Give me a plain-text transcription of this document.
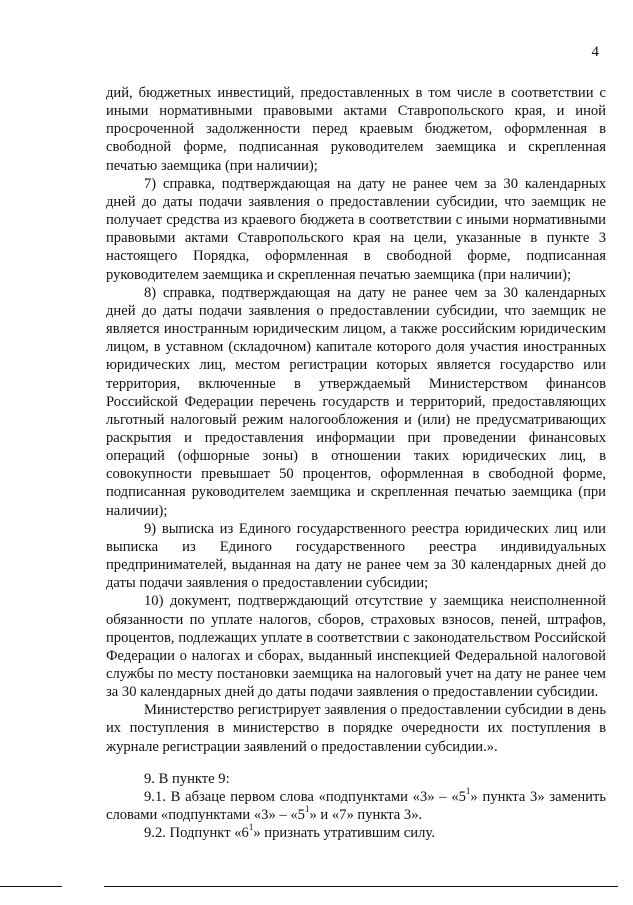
4

дий, бюджетных инвестиций, предоставленных в том числе в соответствии с иными нормативными правовыми актами Ставропольского края, и иной просроченной задолженности перед краевым бюджетом, оформленная в свободной форме, подписанная руководителем заемщика и скрепленная печатью заемщика (при наличии);

7) справка, подтверждающая на дату не ранее чем за 30 календарных дней до даты подачи заявления о предоставлении субсидии, что заемщик не получает средства из краевого бюджета в соответствии с иными нормативными правовыми актами Ставропольского края на цели, указанные в пункте 3 настоящего Порядка, оформленная в свободной форме, подписанная руководителем заемщика и скрепленная печатью заемщика (при наличии);

8) справка, подтверждающая на дату не ранее чем за 30 календарных дней до даты подачи заявления о предоставлении субсидии, что заемщик не является иностранным юридическим лицом, а также российским юридическим лицом, в уставном (складочном) капитале которого доля участия иностранных юридических лиц, местом регистрации которых является государство или территория, включенные в утверждаемый Министерством финансов Российской Федерации перечень государств и территорий, предоставляющих льготный налоговый режим налогообложения и (или) не предусматривающих раскрытия и предоставления информации при проведении финансовых операций (офшорные зоны) в отношении таких юридических лиц, в совокупности превышает 50 процентов, оформленная в свободной форме, подписанная руководителем заемщика и скрепленная печатью заемщика (при наличии);

9) выписка из Единого государственного реестра юридических лиц или выписка из Единого государственного реестра индивидуальных предпринимателей, выданная на дату не ранее чем за 30 календарных дней до даты подачи заявления о предоставлении субсидии;

10) документ, подтверждающий отсутствие у заемщика неисполненной обязанности по уплате налогов, сборов, страховых взносов, пеней, штрафов, процентов, подлежащих уплате в соответствии с законодательством Российской Федерации о налогах и сборах, выданный инспекцией Федеральной налоговой службы по месту постановки заемщика на налоговый учет на дату не ранее чем за 30 календарных дней до даты подачи заявления о предоставлении субсидии.

Министерство регистрирует заявления о предоставлении субсидии в день их поступления в министерство в порядке очередности их поступления в журнале регистрации заявлений о предоставлении субсидии.».

9. В пункте 9:

9.1. В абзаце первом слова «подпунктами «3» – «$5^1$» пункта 3» заменить словами «подпунктами «3» – «$5^1$» и «7» пункта 3».

9.2. Подпункт «$6^1$» признать утратившим силу.
